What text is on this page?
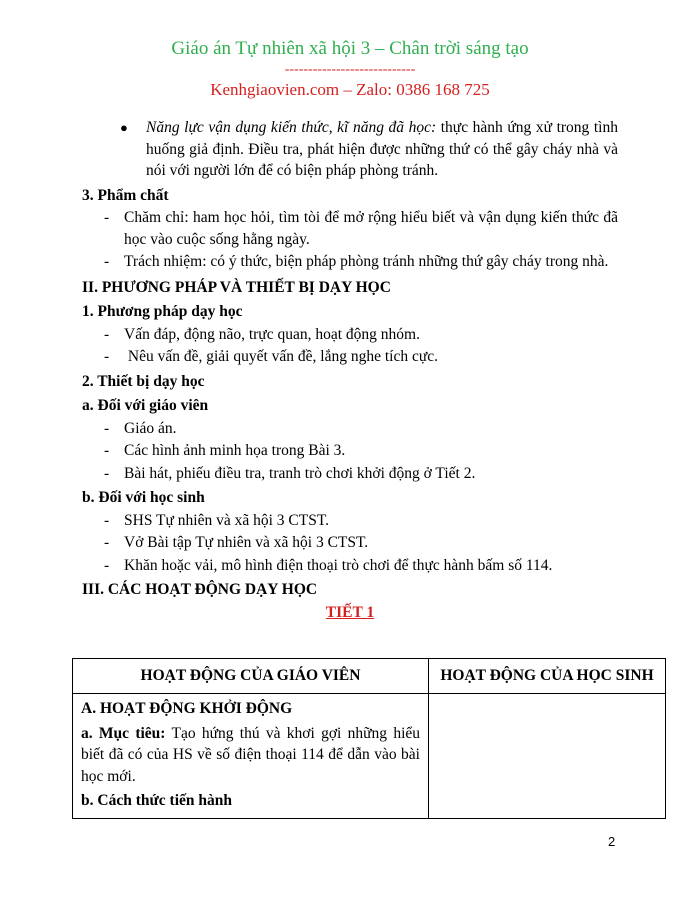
Giáo án Tự nhiên xã hội 3 – Chân trời sáng tạo
----------------------------
Kenhgiaovien.com – Zalo: 0386 168 725
●	Năng lực vận dụng kiến thức, kĩ năng đã học: thực hành ứng xử trong tình huống giả định. Điều tra, phát hiện được những thứ có thể gây cháy nhà và nói với người lớn để có biện pháp phòng tránh.
3. Phẩm chất
- Chăm chỉ: ham học hỏi, tìm tòi để mở rộng hiểu biết và vận dụng kiến thức đã học vào cuộc sống hằng ngày.
- Trách nhiệm: có ý thức, biện pháp phòng tránh những thứ gây cháy trong nhà.
II. PHƯƠNG PHÁP VÀ THIẾT BỊ DẠY HỌC
1. Phương pháp dạy học
- Vấn đáp, động não, trực quan, hoạt động nhóm.
- Nêu vấn đề, giải quyết vấn đề, lắng nghe tích cực.
2. Thiết bị dạy học
a. Đối với giáo viên
- Giáo án.
- Các hình ảnh minh họa trong Bài 3.
- Bài hát, phiếu điều tra, tranh trò chơi khởi động ở Tiết 2.
b. Đối với học sinh
- SHS Tự nhiên và xã hội 3 CTST.
- Vở Bài tập Tự nhiên và xã hội 3 CTST.
- Khăn hoặc vải, mô hình điện thoại trò chơi để thực hành bấm số 114.
III. CÁC HOẠT ĐỘNG DẠY HỌC
TIẾT 1
HOẠT ĐỘNG CỦA GIÁO VIÊN	HOẠT ĐỘNG CỦA HỌC SINH

A. HOẠT ĐỘNG KHỞI ĐỘNG
a. Mục tiêu: Tạo hứng thú và khơi gợi những hiểu biết đã có của HS về số điện thoại 114 để dẫn vào bài học mới.
b. Cách thức tiến hành	

2
